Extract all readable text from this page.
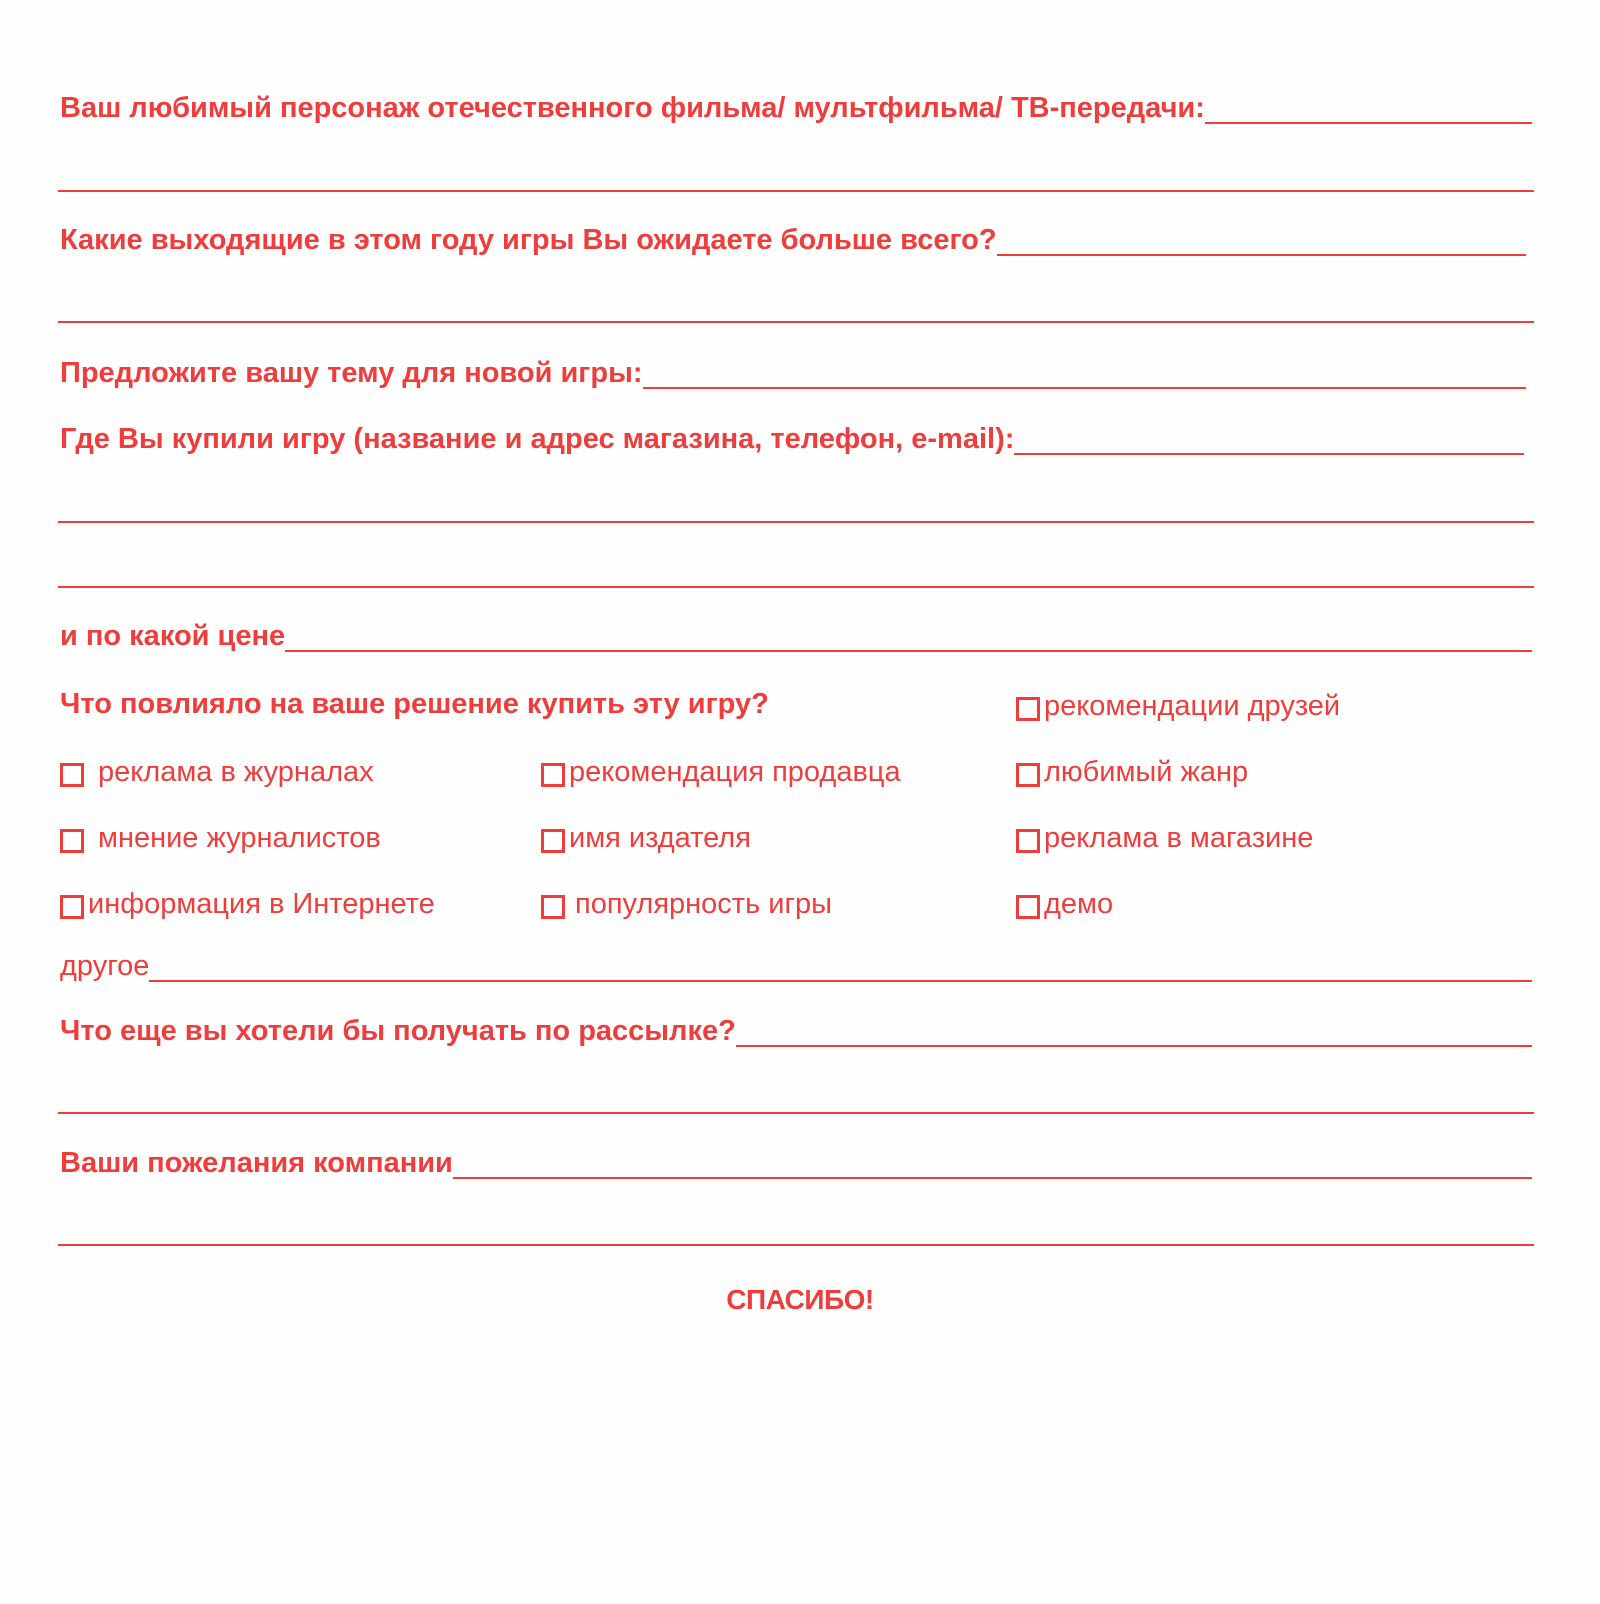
Ваш любимый персонаж отечественного фильма/ мультфильма/ ТВ-передачи:
Какие выходящие в этом году игры Вы ожидаете больше всего?
Предложите вашу тему для новой игры:
Где Вы купили игру (название и адрес магазина, телефон, e-mail):
и по какой цене
Что повлияло на ваше решение купить эту игру?	рекомендации друзей
реклама в журналах	рекомендация продавца	любимый жанр
мнение журналистов	имя издателя	реклама в магазине
информация в Интернете	популярность игры	демо
другое
Что еще вы хотели бы получать по рассылке?
Ваши пожелания компании
СПАСИБО!
